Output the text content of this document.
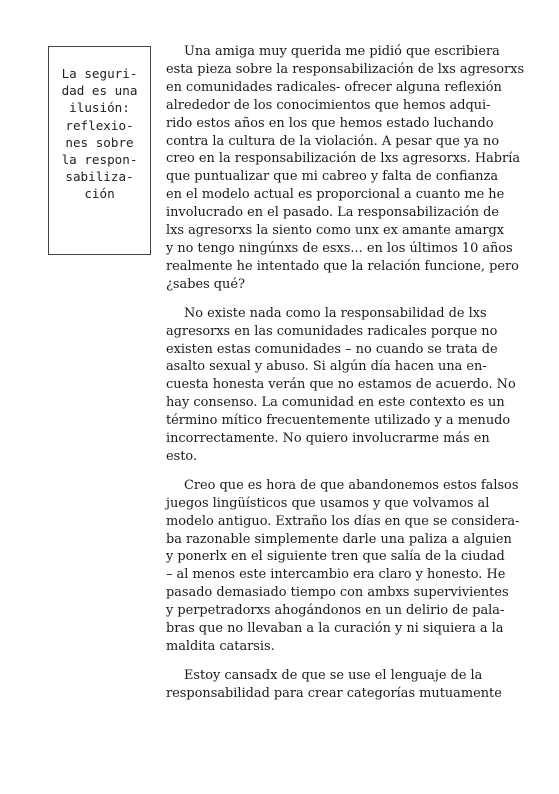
La seguri-
dad es una
ilusión:
reflexio-
nes sobre
la respon-
sabiliza-
ción

Una amiga muy querida me pidió que escribiera
esta pieza sobre la responsabilización de lxs agresorxs
en comunidades radicales- ofrecer alguna reflexión
alrededor de los conocimientos que hemos adqui-
rido estos años en los que hemos estado luchando
contra la cultura de la violación. A pesar que ya no
creo en la responsabilización de lxs agresorxs. Habría
que puntualizar que mi cabreo y falta de confianza
en el modelo actual es proporcional a cuanto me he
involucrado en el pasado. La responsabilización de
lxs agresorxs la siento como unx ex amante amargx
y no tengo ningúnxs de esxs... en los últimos 10 años
realmente he intentado que la relación funcione, pero
¿sabes qué?

No existe nada como la responsabilidad de lxs
agresorxs en las comunidades radicales porque no
existen estas comunidades – no cuando se trata de
asalto sexual y abuso. Si algún día hacen una en-
cuesta honesta verán que no estamos de acuerdo. No
hay consenso. La comunidad en este contexto es un
término mítico frecuentemente utilizado y a menudo
incorrectamente. No quiero involucrarme más en
esto.

Creo que es hora de que abandonemos estos falsos
juegos lingüísticos que usamos y que volvamos al
modelo antiguo. Extraño los días en que se considera-
ba razonable simplemente darle una paliza a alguien
y ponerlx en el siguiente tren que salía de la ciudad
– al menos este intercambio era claro y honesto. He
pasado demasiado tiempo con ambxs supervivientes
y perpetradorxs ahogándonos en un delirio de pala-
bras que no llevaban a la curación y ni siquiera a la
maldita catarsis.

Estoy cansadx de que se use el lenguaje de la
responsabilidad para crear categorías mutuamente
